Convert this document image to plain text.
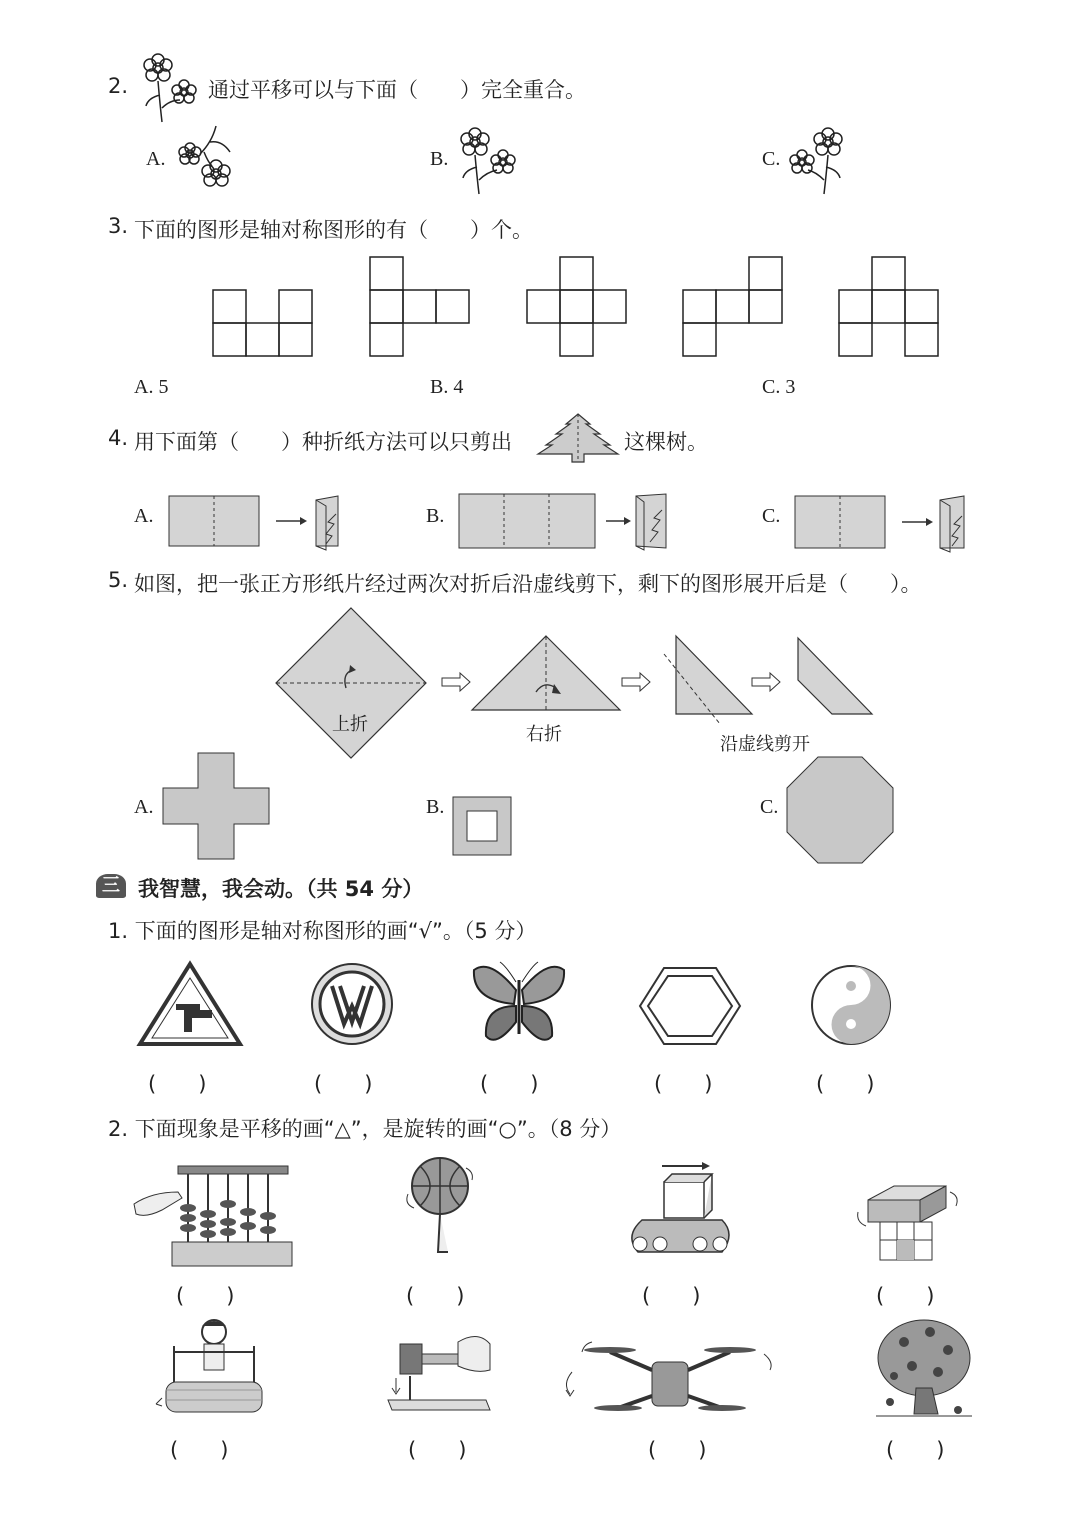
2.	通过平移可以与下面（　　）完全重合。
A.	B.	C.
3. 下面的图形是轴对称图形的有（　　）个。
A. 5	B. 4	C. 3
4. 用下面第（　　）种折纸方法可以只剪出	这棵树。
A.	B.	C.
5. 如图，把一张正方形纸片经过两次对折后沿虚线剪下，剩下的图形展开后是（　　）。
上折	右折	沿虚线剪开
A.	B.	C.
三 我智慧，我会动。（共 54 分）
1. 下面的图形是轴对称图形的画“√”。（5 分）
(　　)	(　　)	(　　)	(　　)	(　　)
2. 下面现象是平移的画“△”，是旋转的画“○”。（8 分）
(　　)	(　　)	(　　)	(　　)
(　　)	(　　)	(　　)	(　　)
